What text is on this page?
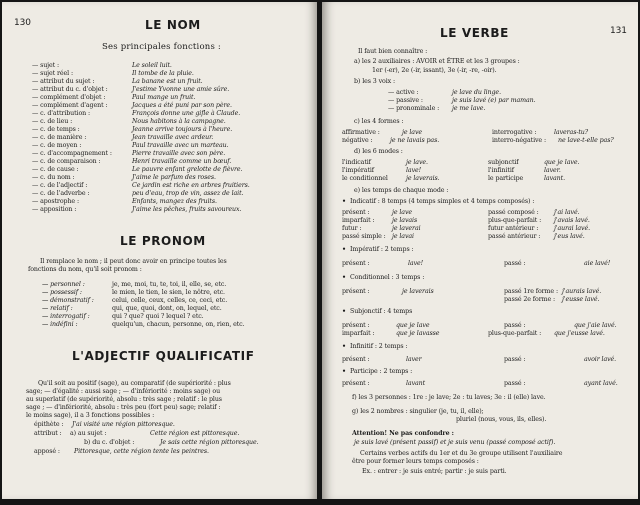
130	LE NOM
Ses principales fonctions :
— sujet :	Le soleil luit.
— sujet réel :	Il tombe de la pluie.
— attribut du sujet :	La banane est un fruit.
— attribut du c. d'objet :	J'estime Yvonne une amie sûre.
— complément d'objet :	Paul mange un fruit.
— complément d'agent :	Jacques a été puni par son père.
— c. d'attribution :	François donne une gifle à Claude.
— c. de lieu :	Nous habitons à la campagne.
— c. de temps :	Jeanne arrive toujours à l'heure.
— c. de manière :	Jean travaille avec ardeur.
— c. de moyen :	Paul travaille avec un marteau.
— c. d'accompagnement :	Pierre travaille avec son père.
— c. de comparaison :	Henri travaille comme un bœuf.
— c. de cause :	Le pauvre enfant grelotte de fièvre.
— c. du nom :	J'aime le parfum des roses.
— c. de l'adjectif :	Ce jardin est riche en arbres fruitiers.
— c. de l'adverbe :	peu d'eau, trop de vin, assez de lait.
— apostrophe :	Enfants, mangez des fruits.
— apposition :	J'aime les pêches, fruits savoureux.
LE PRONOM
Il remplace le nom ; il peut donc avoir en principe toutes les
fonctions du nom, qu'il soit pronom :
— personnel :	je, me, moi, tu, te, toi, il, elle, se, etc.
— possessif :	le mien, le tien, le sien, le nôtre, etc.
— démonstratif :	celui, celle, ceux, celles, ce, ceci, etc.
— relatif :	qui, que, quoi, dont, on, lequel, etc.
— interrogatif :	qui ? que? quoi ? lequel ? etc.
— indéfini :	quelqu'un, chacun, personne, on, rien, etc.
L'ADJECTIF QUALIFICATIF
Qu'il soit au positif (sage), au comparatif (de supériorité : plus
sage; — d'égalité : aussi sage ; — d'infériorité : moins sage) ou
au superlatif (de supériorité, absolu : très sage ; relatif : le plus
sage ; — d'infériorité, absolu : très peu (fort peu) sage; relatif :
le moins sage), il a 3 fonctions possibles :
épithète : J'ai visité une région pittoresque.
attribut : a) au sujet :	Cette région est pittoresque.
b) du c. d'objet :	Je sais cette région pittoresque.
apposé : Pittoresque, cette région tente les peintres.
LE VERBE	131
Il faut bien connaître :
a) les 2 auxiliaires : AVOIR et ÊTRE et les 3 groupes :
1er (-er), 2e (-ir, issant), 3e (-ir, -re, -oir).
b) les 3 voix :
— active :	je lave du linge.
— passive :	je suis lavé (e) par maman.
— pronominale : je me lave.
c) les 4 formes :
affirmative :	je lave	interrogative :	laveras-tu?
négative :	je ne lavais pas.	interro-négative : ne lave-t-elle pas?
d) les 6 modes :
l'indicatif	je lave.	subjonctif	que je lave.
l'impératif	lave!	l'infinitif	laver.
le conditionnel	je laverais.	le participe	lavant.
e) les temps de chaque mode :
• Indicatif : 8 temps (4 temps simples et 4 temps composés) :
présent :	je lave	passé composé : j'ai lavé.
imparfait :	je lavais	plus-que-parfait : j'avais lavé.
futur :	je laverai	futur antérieur : j'aurai lavé.
passé simple : je lavai	passé antérieur : j'eus lavé.
• Impératif : 2 temps :
présent :	lave!	passé :	aie lavé!
• Conditionnel : 3 temps :
présent :	je laverais	passé 1re forme : j'aurais lavé.
passé 2e forme : j'eusse lavé.
• Subjonctif : 4 temps
présent :	que je lave	passé :	que j'aie lavé.
imparfait :	que je lavasse	plus-que-parfait : que j'eusse lavé.
• Infinitif : 2 temps :
présent :	laver	passé :	avoir lavé.
• Participe : 2 temps :
présent :	lavant	passé :	ayant lavé.
f) les 3 personnes : 1re : je lave; 2e : tu laves; 3e : il (elle) lave.
g) les 2 nombres : singulier (je, tu, il, elle);
pluriel (nous, vous, ils, elles).
Attention! Ne pas confondre :
je suis lavé (présent passif) et je suis venu (passé composé actif).
Certains verbes actifs du 1er et du 3e groupe utilisent l'auxiliaire
être pour former leurs temps composés :
Ex. : entrer : je suis entré; partir : je suis parti.
